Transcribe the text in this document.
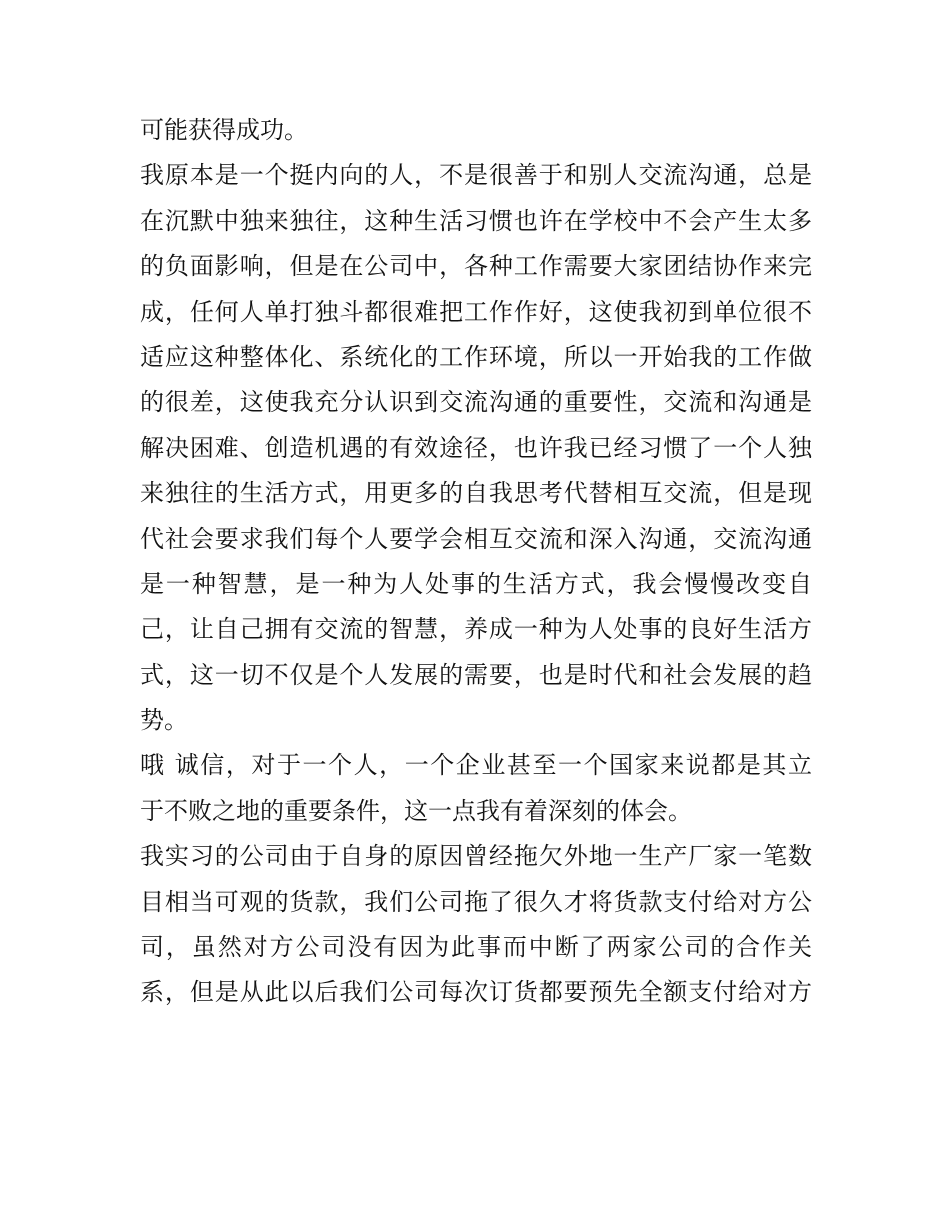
可能获得成功。
我原本是一个挺内向的人，不是很善于和别人交流沟通，总是
在沉默中独来独往，这种生活习惯也许在学校中不会产生太多
的负面影响，但是在公司中，各种工作需要大家团结协作来完
成，任何人单打独斗都很难把工作作好，这使我初到单位很不
适应这种整体化、系统化的工作环境，所以一开始我的工作做
的很差，这使我充分认识到交流沟通的重要性，交流和沟通是
解决困难、创造机遇的有效途径，也许我已经习惯了一个人独
来独往的生活方式，用更多的自我思考代替相互交流，但是现
代社会要求我们每个人要学会相互交流和深入沟通，交流沟通
是一种智慧，是一种为人处事的生活方式，我会慢慢改变自
己，让自己拥有交流的智慧，养成一种为人处事的良好生活方
式，这一切不仅是个人发展的需要，也是时代和社会发展的趋
势。
哦 诚信，对于一个人，一个企业甚至一个国家来说都是其立
于不败之地的重要条件，这一点我有着深刻的体会。
我实习的公司由于自身的原因曾经拖欠外地一生产厂家一笔数
目相当可观的货款，我们公司拖了很久才将货款支付给对方公
司，虽然对方公司没有因为此事而中断了两家公司的合作关
系，但是从此以后我们公司每次订货都要预先全额支付给对方
